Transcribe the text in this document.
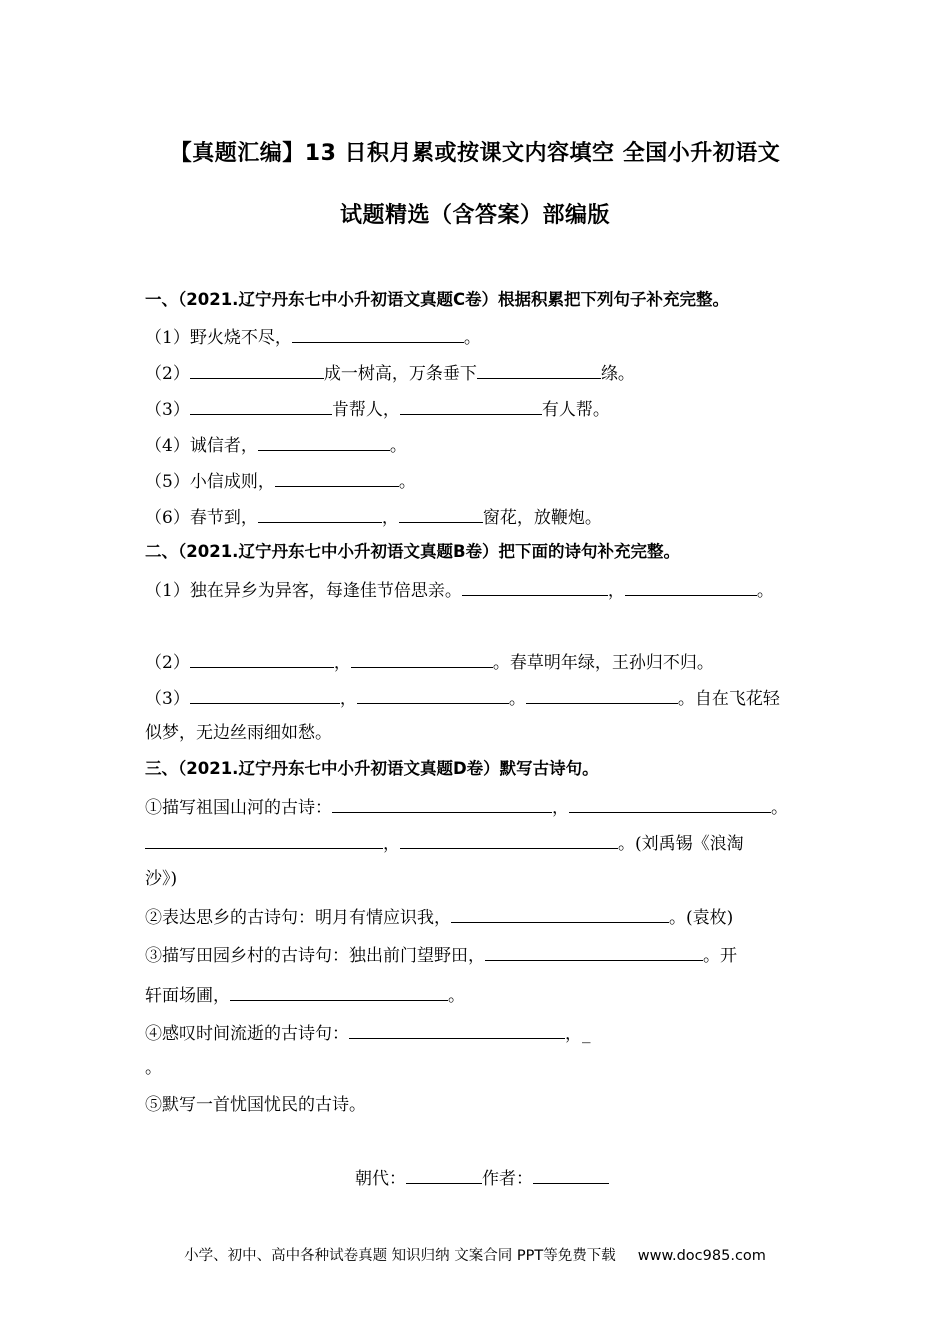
【真题汇编】13 日积月累或按课文内容填空 全国小升初语文
试题精选（含答案）部编版
一、（2021.辽宁丹东七中小升初语文真题C卷）根据积累把下列句子补充完整。
（1）野火烧不尽，	。
（2）	成一树高，万条垂下	绦。
（3）	肯帮人，	有人帮。
（4）诚信者，	。
（5）小信成则，	。
（6）春节到，	，	窗花，放鞭炮。
二、（2021.辽宁丹东七中小升初语文真题B卷）把下面的诗句补充完整。
（1）独在异乡为异客，每逢佳节倍思亲。	，	。
（2）	，	。春草明年绿，王孙归不归。
（3）	，	。	。自在飞花轻
似梦，无边丝雨细如愁。
三、（2021.辽宁丹东七中小升初语文真题D卷）默写古诗句。
①描写祖国山河的古诗：	，	。
，	。(刘禹锡《浪淘
沙》)
②表达思乡的古诗句：明月有情应识我，	。(袁枚)
③描写田园乡村的古诗句：独出前门望野田，	。开
轩面场圃，	。
④感叹时间流逝的古诗句：	，_
。
⑤默写一首忧国忧民的古诗。
朝代：	作者：
小学、初中、高中各种试卷真题 知识归纳 文案合同 PPT等免费下载 www.doc985.com
